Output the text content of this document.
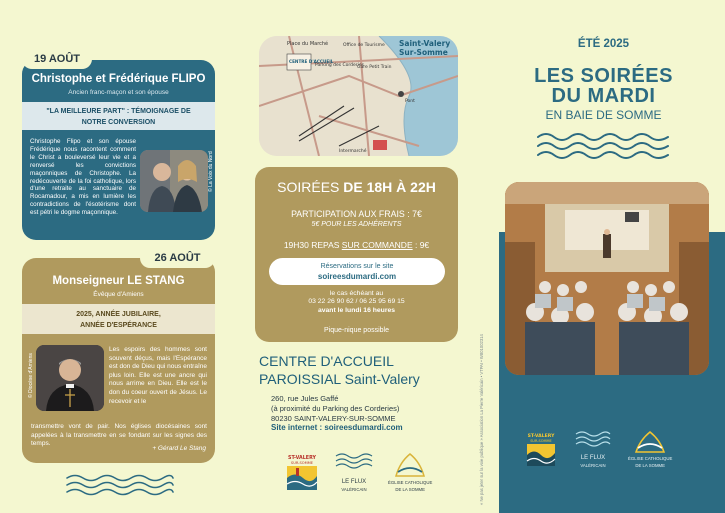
Christophe et Frédérique FLIPO
Ancien franc-maçon et son épouse
"LA MEILLEURE PART" : TÉMOIGNAGE DE
NOTRE CONVERSION
Christophe Flipo et son épouse Frédérique nous racontent comment le Christ a bouleversé leur vie et a renversé les convictions maçonniques de Christophe. La redécouverte de la foi catholique, lors d'une retraite au sanctuaire de Rocamadour, a mis en lumière les contradictions de l'ésotérisme dont est pétri le dogme maçonnique.
© La Voix du Nord
19 AOÛT
Monseigneur LE STANG
Évêque d'Amiens
2025, ANNÉE JUBILAIRE,
ANNÉE D'ESPÉRANCE
© Diocèse d'Amiens
Les espoirs des hommes sont souvent déçus, mais l'Espérance est don de Dieu qui nous entraîne plus loin. Elle est une ancre qui nous arrime en Dieu. Elle est le don du coeur ouvert de Jésus. Le recevoir et le
transmettre vont de pair. Nos églises diocésaines sont appelées à la transmettre en se fondant sur les signes des temps.
+ Gérard Le Stang
26 AOÛT
Place du Marché
CENTRE D'ACCUEIL
Parking des Corderies
Office de Tourisme
Gare Petit Train
Saint-Valery
Sur-Somme
Pont
Intermarché
SOIRÉES DE 18H À 22H
PARTICIPATION AUX FRAIS : 7€
5€ POUR LES ADHÉRENTS
19H30 REPAS SUR COMMANDE : 9€
Réservations sur le site
soireesdumardi.com
le cas échéant au
03 22 26 90 62 / 06 25 95 69 15
avant le lundi 16 heures
Pique-nique possible
CENTRE D'ACCUEIL
PAROISSIAL Saint-Valery
260, rue Jules Gaffé
(à proximité du Parking des Corderies)
80230 SAINT-VALERY-SUR-SOMME
Site internet : soireesdumardi.com
ST-VALERY
SUR-SOMME
LE FLUX
VALÉRICAIN
ÉGLISE CATHOLIQUE
DE LA SOMME
ÉTÉ 2025
LES SOIRÉES
DU MARDI
EN BAIE DE SOMME
ST-VALERY
SUR-SOMME
LE FLUX
VALÉRICAIN
ÉGLISE CATHOLIQUE
DE LA SOMME
« Ne pas jeter sur la voie publique » Association La Pierre Valéricain • VTPAI • W801002314
